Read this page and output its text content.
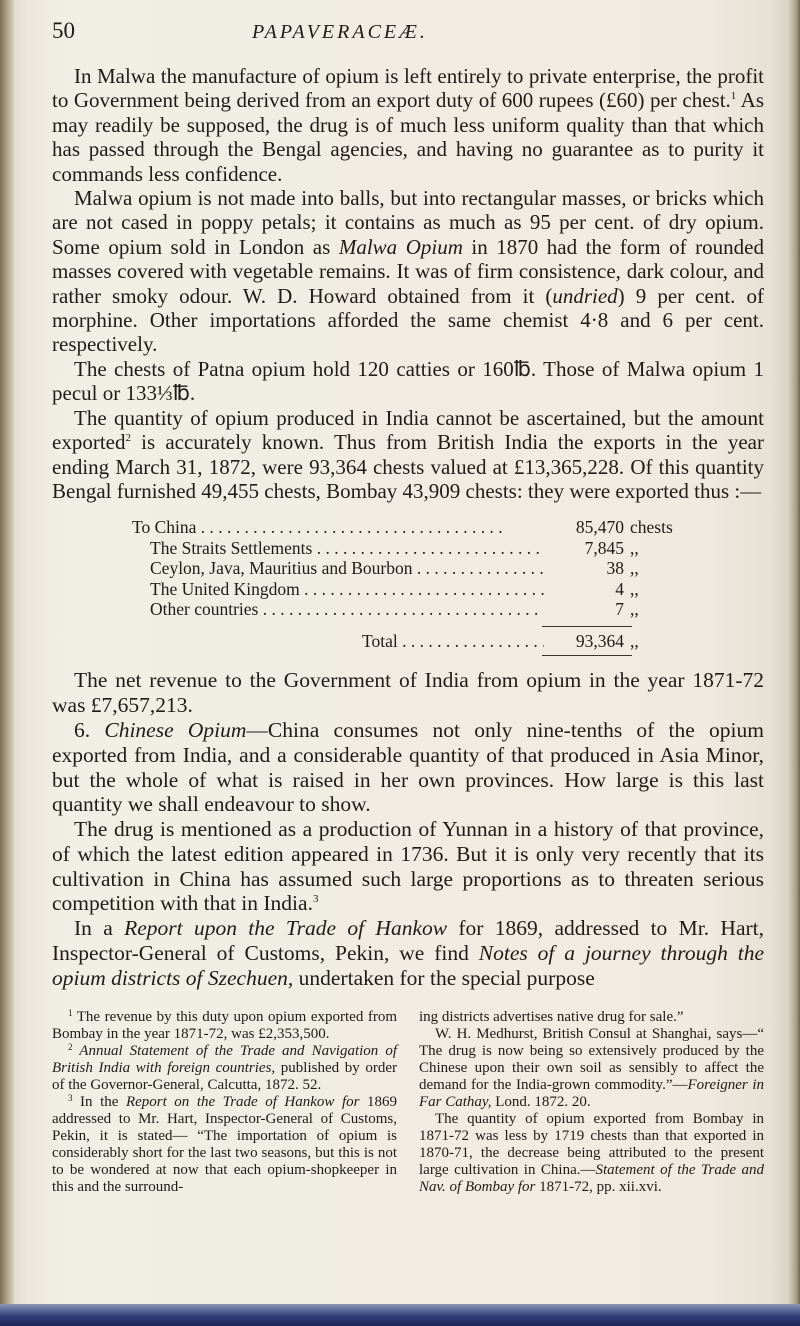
50	PAPAVERACEÆ.

In Malwa the manufacture of opium is left entirely to private enterprise, the profit to Government being derived from an export duty of 600 rupees (£60) per chest.$^1$ As may readily be supposed, the drug is of much less uniform quality than that which has passed through the Bengal agencies, and having no guarantee as to purity it commands less confidence.

Malwa opium is not made into balls, but into rectangular masses, or bricks which are not cased in poppy petals; it contains as much as 95 per cent. of dry opium. Some opium sold in London as Malwa Opium in 1870 had the form of rounded masses covered with vegetable remains. It was of firm consistence, dark colour, and rather smoky odour. W. D. Howard obtained from it (undried) 9 per cent. of morphine. Other importations afforded the same chemist 4·8 and 6 per cent. respectively.

The chests of Patna opium hold 120 catties or 160℔. Those of Malwa opium 1 pecul or 133⅓℔.

The quantity of opium produced in India cannot be ascertained, but the amount exported$^2$ is accurately known. Thus from British India the exports in the year ending March 31, 1872, were 93,364 chests valued at £13,365,228. Of this quantity Bengal furnished 49,455 chests, Bombay 43,909 chests: they were exported thus :—

To China . . .	85,470 chests
The Straits Settlements . . .	7,845 ,,
Ceylon, Java, Mauritius and Bourbon . . .	38 ,,
The United Kingdom . . .	4 ,,
Other countries . . .	7 ,,
Total . . .	93,364 ,,

The net revenue to the Government of India from opium in the year 1871-72 was £7,657,213.

6. Chinese Opium—China consumes not only nine-tenths of the opium exported from India, and a considerable quantity of that produced in Asia Minor, but the whole of what is raised in her own provinces. How large is this last quantity we shall endeavour to show.

The drug is mentioned as a production of Yunnan in a history of that province, of which the latest edition appeared in 1736. But it is only very recently that its cultivation in China has assumed such large proportions as to threaten serious competition with that in India.$^3$

In a Report upon the Trade of Hankow for 1869, addressed to Mr. Hart, Inspector-General of Customs, Pekin, we find Notes of a journey through the opium districts of Szechuen, undertaken for the special purpose

$^1$ The revenue by this duty upon opium exported from Bombay in the year 1871-72, was £2,353,500.

$^2$ Annual Statement of the Trade and Navigation of British India with foreign countries, published by order of the Governor-General, Calcutta, 1872. 52.

$^3$ In the Report on the Trade of Hankow for 1869 addressed to Mr. Hart, Inspector-General of Customs, Pekin, it is stated— “The importation of opium is considerably short for the last two seasons, but this is not to be wondered at now that each opium-shopkeeper in this and the surround-

ing districts advertises native drug for sale.”

W. H. Medhurst, British Consul at Shanghai, says—“ The drug is now being so extensively produced by the Chinese upon their own soil as sensibly to affect the demand for the India-grown commodity.”—Foreigner in Far Cathay, Lond. 1872. 20.

The quantity of opium exported from Bombay in 1871-72 was less by 1719 chests than that exported in 1870-71, the decrease being attributed to the present large cultivation in China.—Statement of the Trade and Nav. of Bombay for 1871-72, pp. xii.xvi.
